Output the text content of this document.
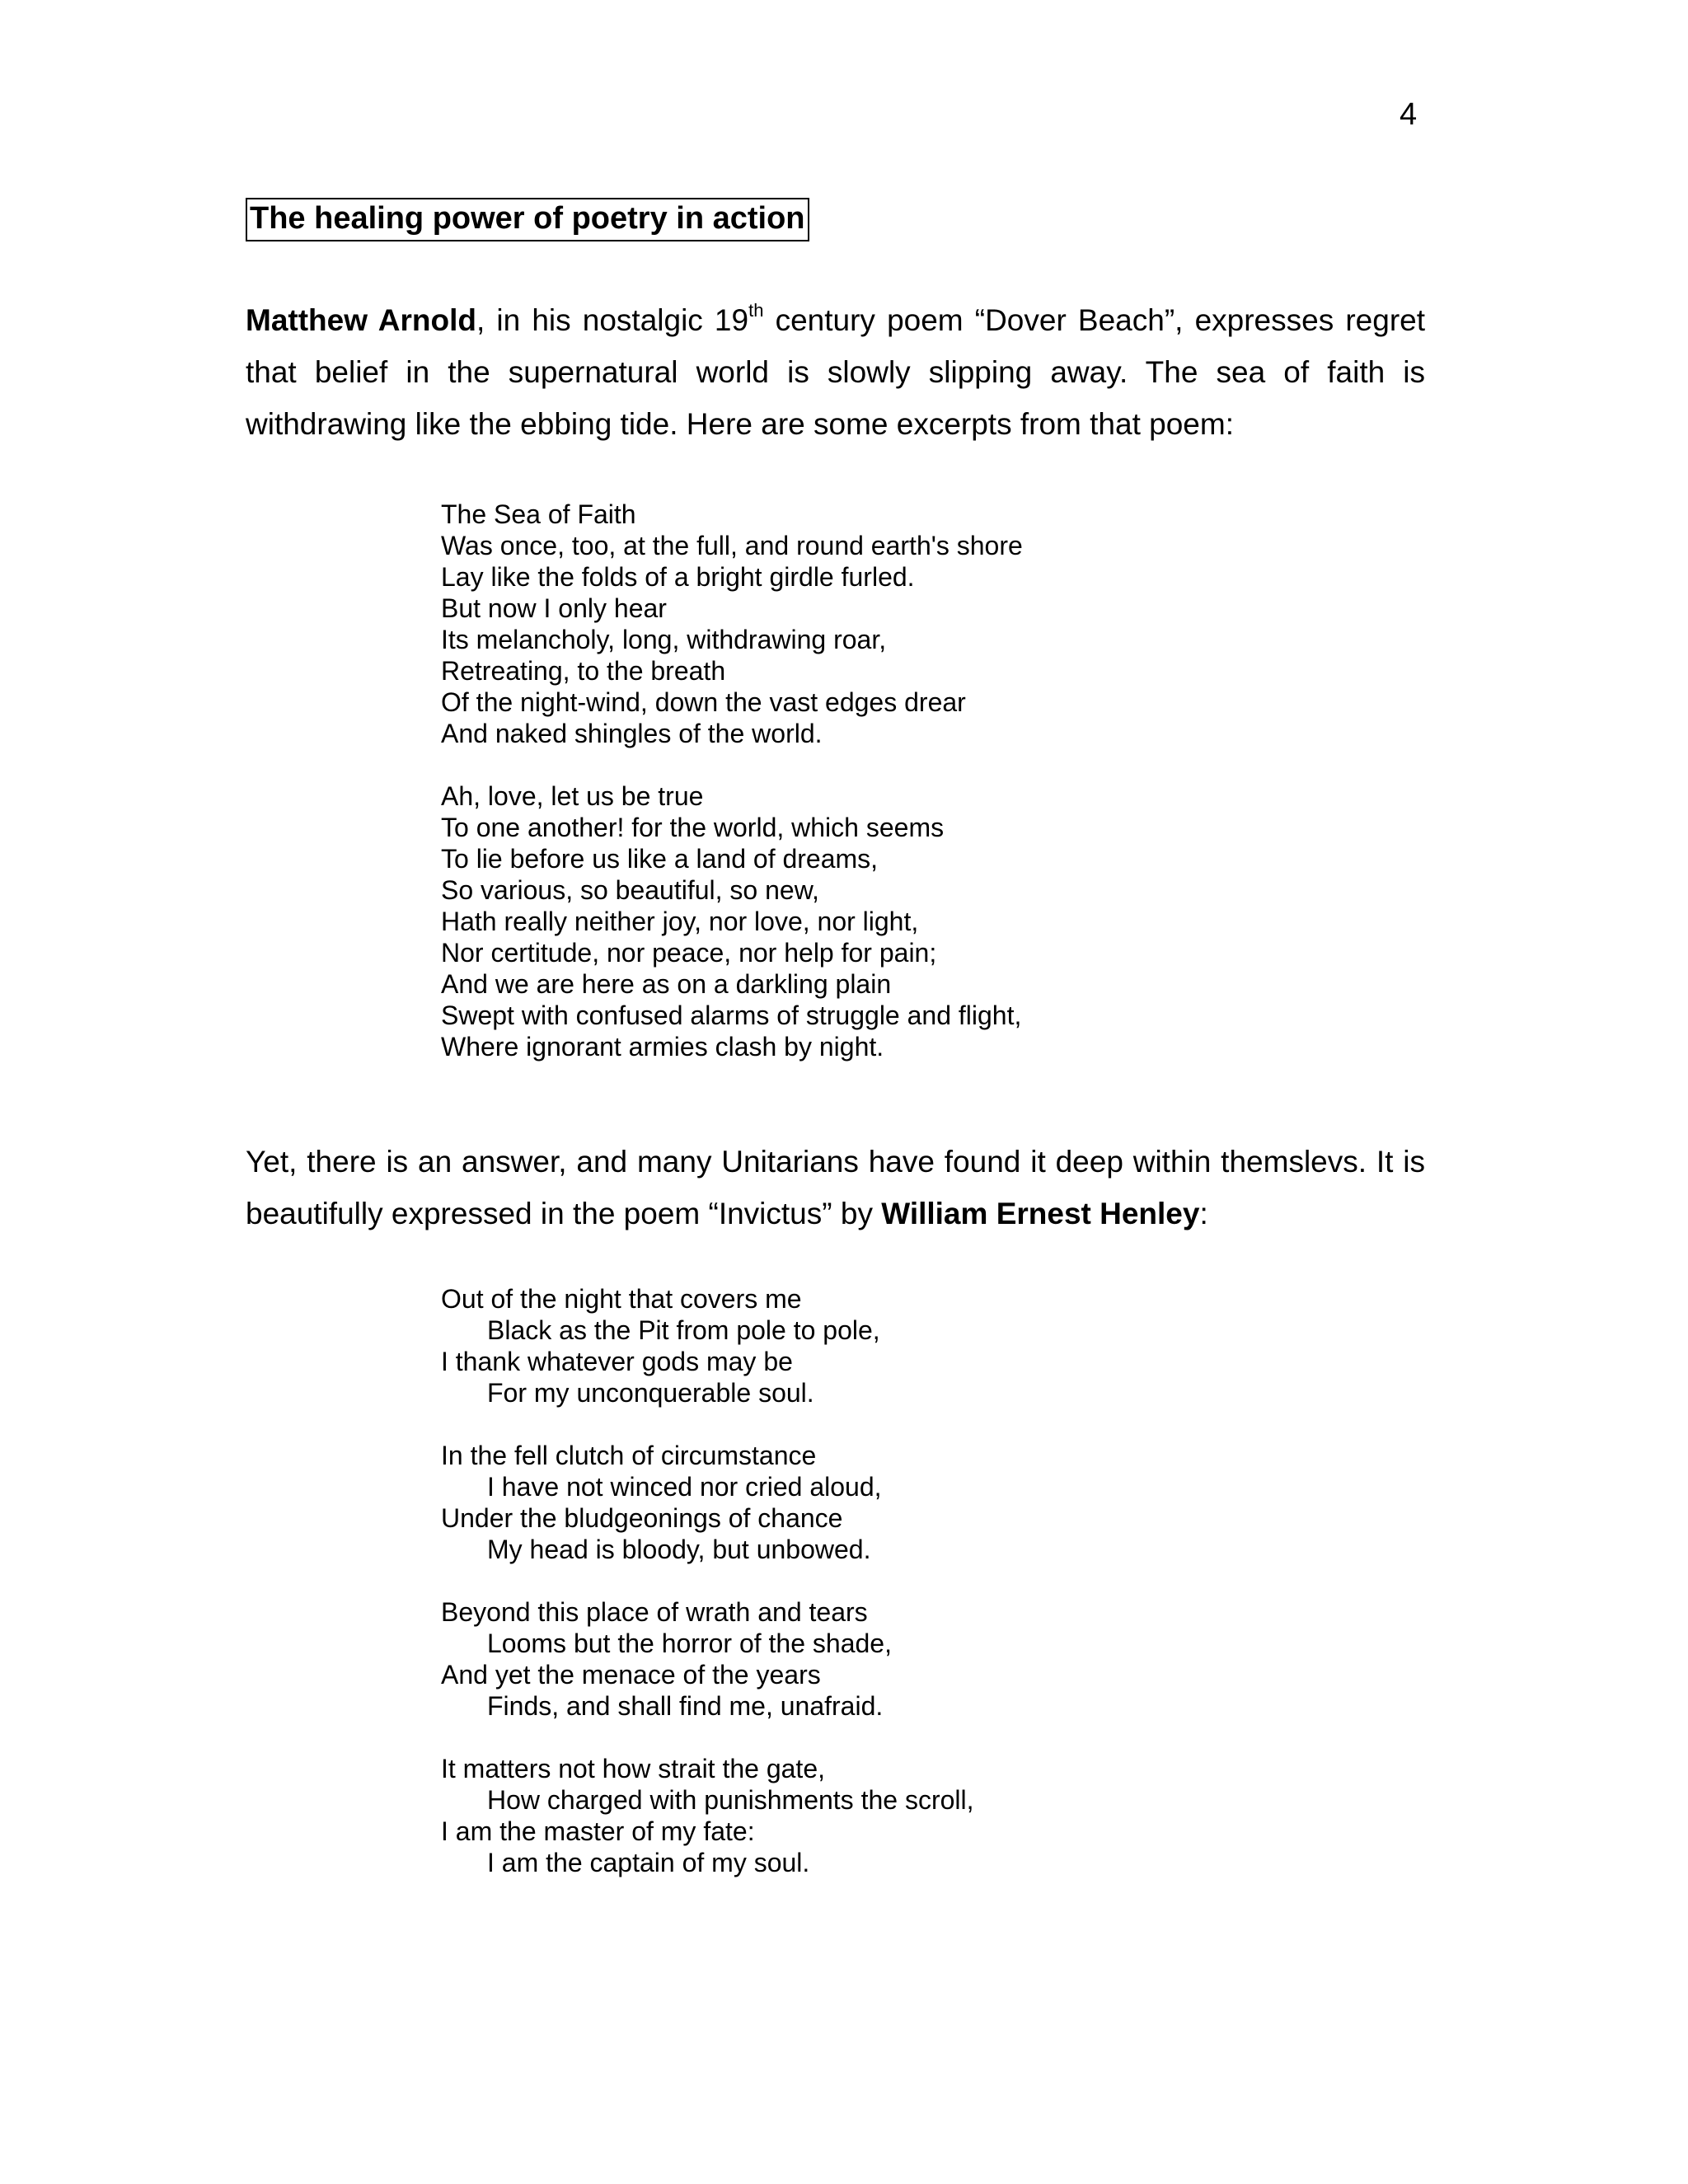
4
The healing power of poetry in action
Matthew Arnold, in his nostalgic 19th century poem “Dover Beach”, expresses regret that belief in the supernatural world is slowly slipping away. The sea of faith is withdrawing like the ebbing tide. Here are some excerpts from that poem:
The Sea of Faith
Was once, too, at the full, and round earth's shore
Lay like the folds of a bright girdle furled.
But now I only hear
Its melancholy, long, withdrawing roar,
Retreating, to the breath
Of the night-wind, down the vast edges drear
And naked shingles of the world.
Ah, love, let us be true
To one another! for the world, which seems
To lie before us like a land of dreams,
So various, so beautiful, so new,
Hath really neither joy, nor love, nor light,
Nor certitude, nor peace, nor help for pain;
And we are here as on a darkling plain
Swept with confused alarms of struggle and flight,
Where ignorant armies clash by night.
Yet, there is an answer, and many Unitarians have found it deep within themslevs. It is beautifully expressed in the poem “Invictus” by William Ernest Henley:
Out of the night that covers me
Black as the Pit from pole to pole,
I thank whatever gods may be
For my unconquerable soul.
In the fell clutch of circumstance
I have not winced nor cried aloud,
Under the bludgeonings of chance
My head is bloody, but unbowed.
Beyond this place of wrath and tears
Looms but the horror of the shade,
And yet the menace of the years
Finds, and shall find me, unafraid.
It matters not how strait the gate,
How charged with punishments the scroll,
I am the master of my fate:
I am the captain of my soul.
